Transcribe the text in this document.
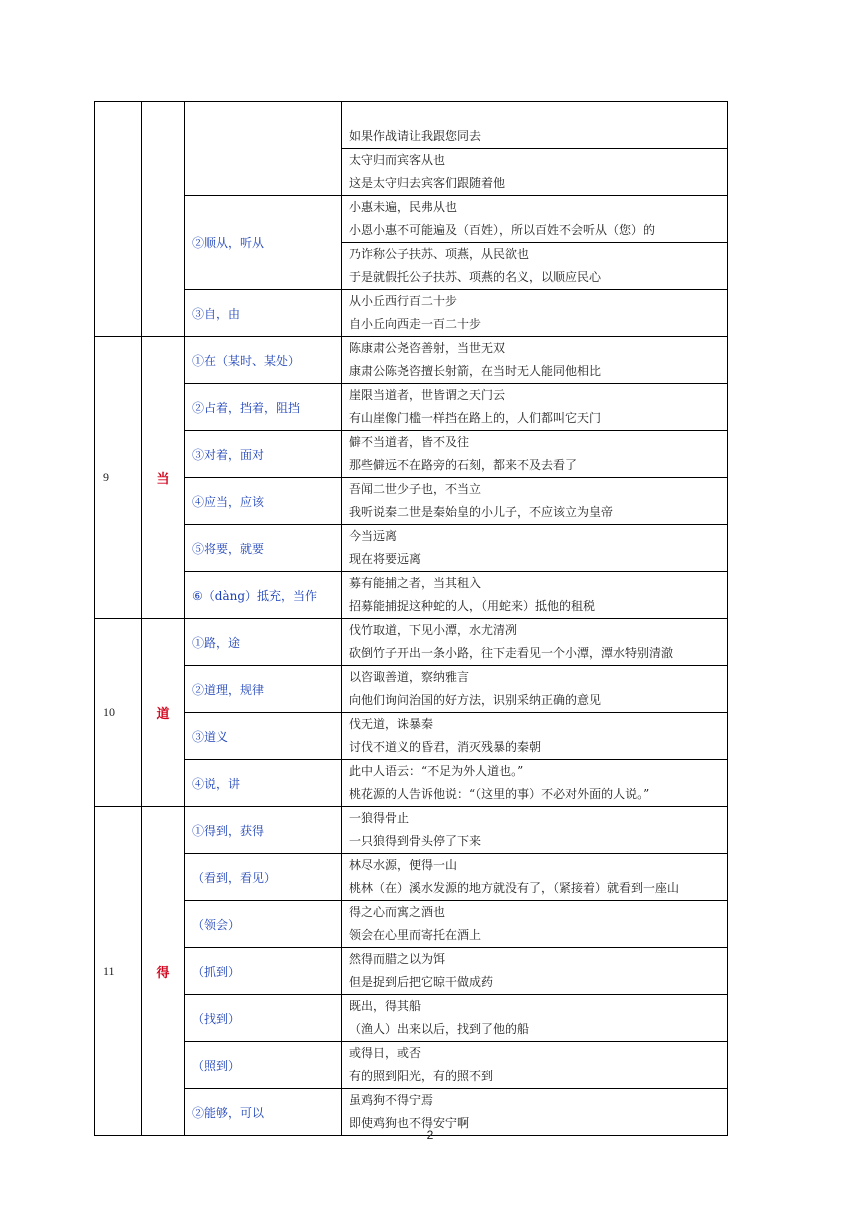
			如果作战请让我跟您同去

			太守归而宾客从也
这是太守归去宾客们跟随着他

		②顺从，听从	小惠未遍，民弗从也
小恩小惠不可能遍及（百姓），所以百姓不会听从（您）的

			乃诈称公子扶苏、项燕，从民欲也
于是就假托公子扶苏、项燕的名义，以顺应民心

		③自，由	从小丘西行百二十步
自小丘向西走一百二十步

9	当	①在（某时、某处）	陈康肃公尧咨善射，当世无双
康肃公陈尧咨擅长射箭，在当时无人能同他相比

		②占着，挡着，阻挡	崖限当道者，世皆谓之天门云
有山崖像门槛一样挡在路上的，人们都叫它天门

		③对着，面对	僻不当道者，皆不及往
那些僻远不在路旁的石刻，都来不及去看了

		④应当，应该	吾闻二世少子也，不当立
我听说秦二世是秦始皇的小儿子，不应该立为皇帝

		⑤将要，就要	今当远离
现在将要远离

		⑥（dàng）抵充，当作	募有能捕之者，当其租入
招募能捕捉这种蛇的人，（用蛇来）抵他的租税

10	道	①路，途	伐竹取道，下见小潭，水尤清冽
砍倒竹子开出一条小路，往下走看见一个小潭，潭水特别清澈

		②道理，规律	以咨诹善道，察纳雅言
向他们询问治国的好方法，识别采纳正确的意见

		③道义	伐无道，诛暴秦
讨伐不道义的昏君，消灭残暴的秦朝

		④说，讲	此中人语云：“不足为外人道也。”
桃花源的人告诉他说：“（这里的事）不必对外面的人说。”

11	得	①得到，获得	一狼得骨止
一只狼得到骨头停了下来

		（看到，看见）	林尽水源，便得一山
桃林（在）溪水发源的地方就没有了，（紧接着）就看到一座山

		（领会）	得之心而寓之酒也
领会在心里而寄托在酒上

		（抓到）	然得而腊之以为饵
但是捉到后把它晾干做成药

		（找到）	既出，得其船
（渔人）出来以后，找到了他的船

		（照到）	或得日，或否
有的照到阳光，有的照不到

		②能够，可以	虽鸡狗不得宁焉
即使鸡狗也不得安宁啊
2
